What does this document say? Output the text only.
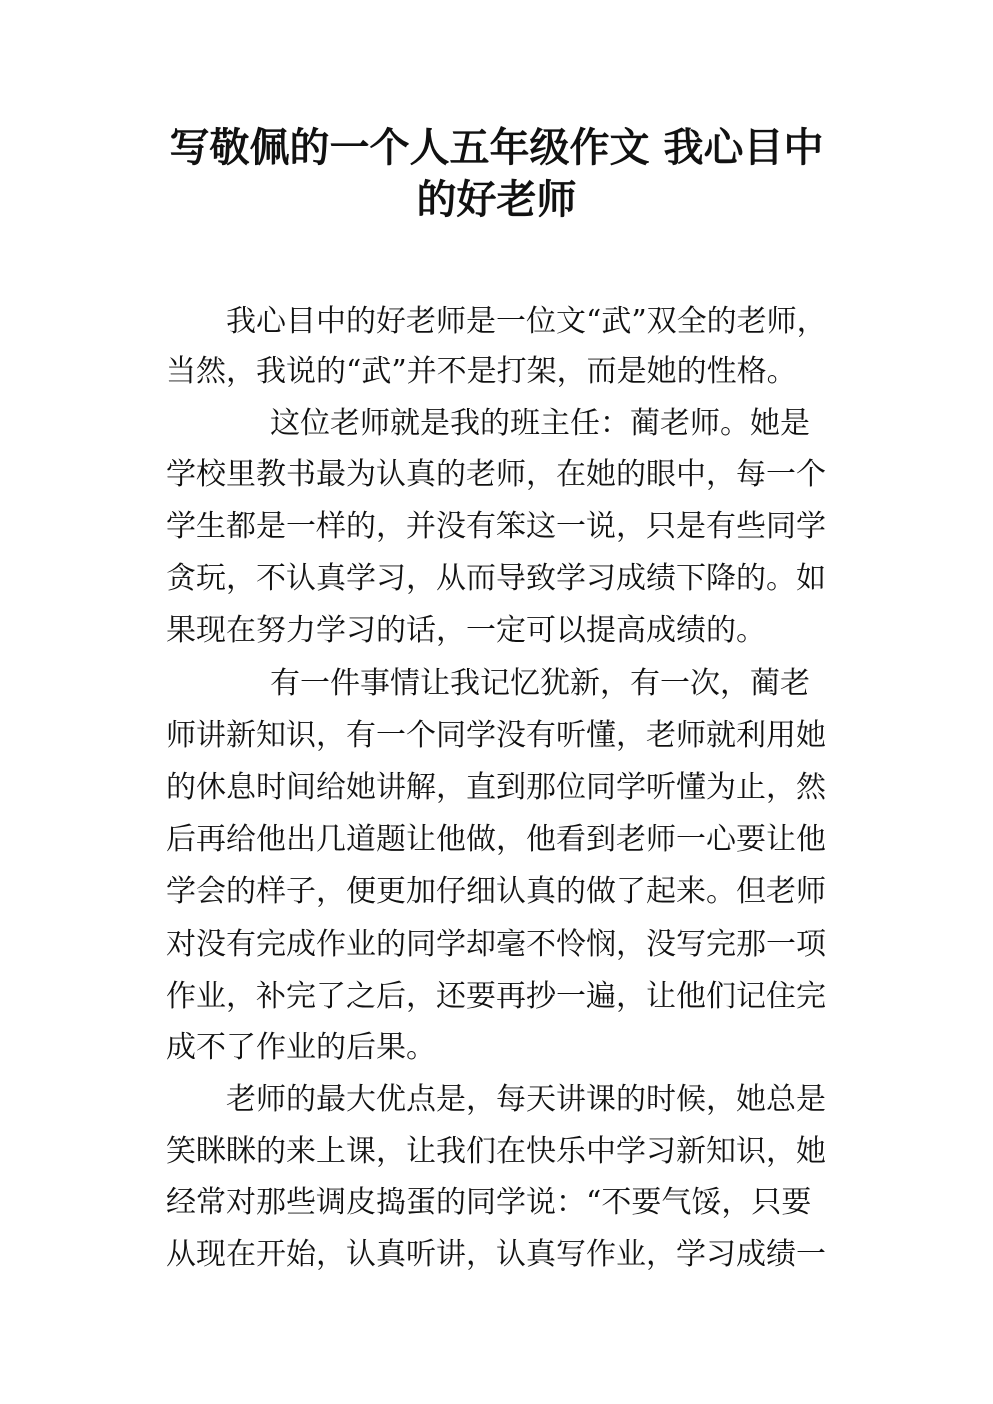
写敬佩的一个人五年级作文 我心目中
的好老师
我心目中的好老师是一位文“武”双全的老师，
当然，我说的“武”并不是打架，而是她的性格。
这位老师就是我的班主任：蔺老师。她是
学校里教书最为认真的老师，在她的眼中，每一个
学生都是一样的，并没有笨这一说，只是有些同学
贪玩，不认真学习，从而导致学习成绩下降的。如
果现在努力学习的话，一定可以提高成绩的。
有一件事情让我记忆犹新，有一次，蔺老
师讲新知识，有一个同学没有听懂，老师就利用她
的休息时间给她讲解，直到那位同学听懂为止，然
后再给他出几道题让他做，他看到老师一心要让他
学会的样子，便更加仔细认真的做了起来。但老师
对没有完成作业的同学却毫不怜悯，没写完那一项
作业，补完了之后，还要再抄一遍，让他们记住完
成不了作业的后果。
老师的最大优点是，每天讲课的时候，她总是
笑眯眯的来上课，让我们在快乐中学习新知识，她
经常对那些调皮捣蛋的同学说：“不要气馁，只要
从现在开始，认真听讲，认真写作业，学习成绩一
